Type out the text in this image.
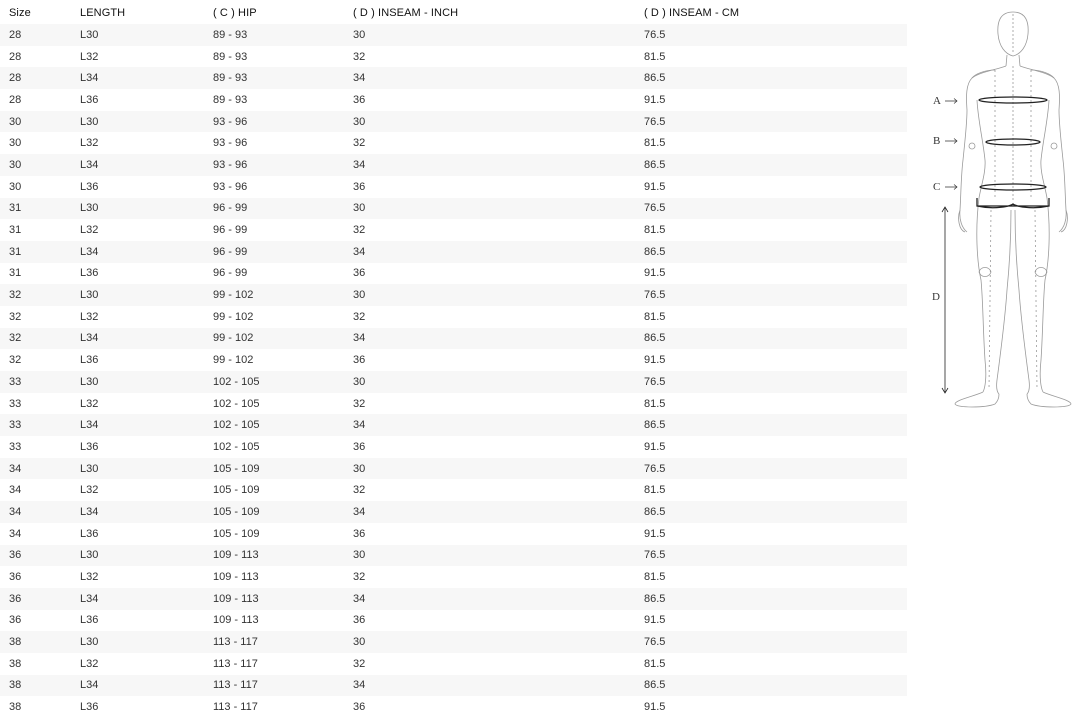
Size	LENGTH	( C ) HIP	( D ) INSEAM - INCH	( D ) INSEAM - CM
28	L30	89 - 93	30	76.5
28	L32	89 - 93	32	81.5
28	L34	89 - 93	34	86.5
28	L36	89 - 93	36	91.5
30	L30	93 - 96	30	76.5
30	L32	93 - 96	32	81.5
30	L34	93 - 96	34	86.5
30	L36	93 - 96	36	91.5
31	L30	96 - 99	30	76.5
31	L32	96 - 99	32	81.5
31	L34	96 - 99	34	86.5
31	L36	96 - 99	36	91.5
32	L30	99 - 102	30	76.5
32	L32	99 - 102	32	81.5
32	L34	99 - 102	34	86.5
32	L36	99 - 102	36	91.5
33	L30	102 - 105	30	76.5
33	L32	102 - 105	32	81.5
33	L34	102 - 105	34	86.5
33	L36	102 - 105	36	91.5
34	L30	105 - 109	30	76.5
34	L32	105 - 109	32	81.5
34	L34	105 - 109	34	86.5
34	L36	105 - 109	36	91.5
36	L30	109 - 113	30	76.5
36	L32	109 - 113	32	81.5
36	L34	109 - 113	34	86.5
36	L36	109 - 113	36	91.5
38	L30	113 - 117	30	76.5
38	L32	113 - 117	32	81.5
38	L34	113 - 117	34	86.5
38	L36	113 - 117	36	91.5
A
B
C
D
